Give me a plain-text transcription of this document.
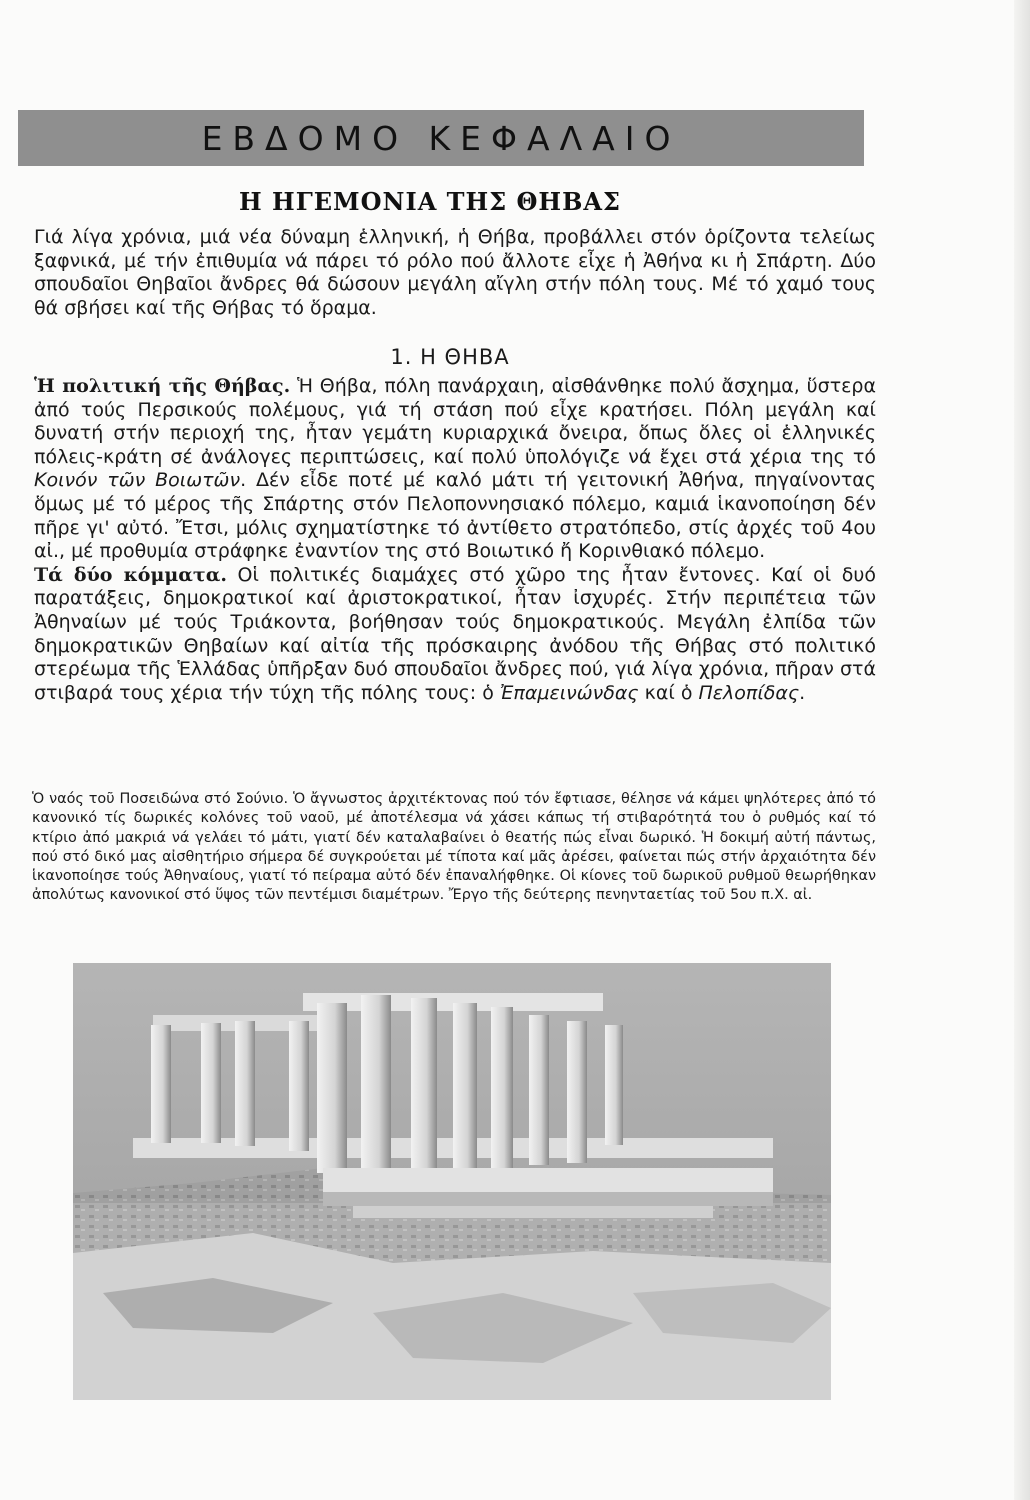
ΕΒΔΟΜΟ ΚΕΦΑΛΑΙΟ
Η ΗΓΕΜΟΝΙΑ ΤΗΣ ΘΗΒΑΣ

Γιά λίγα χρόνια, μιά νέα δύναμη ἑλληνική, ἡ Θήβα, προβάλλει στόν ὁρίζοντα τελείως ξαφνικά, μέ τήν ἐπιθυμία νά πάρει τό ρόλο πού ἄλλοτε εἶχε ἡ Ἀθήνα κι ἡ Σπάρτη. Δύο σπουδαῖοι Θηβαῖοι ἄνδρες θά δώσουν μεγάλη αἴγλη στήν πόλη τους. Μέ τό χαμό τους θά σβήσει καί τῆς Θήβας τό ὅραμα.

1. Η ΘΗΒΑ

Ἡ πολιτική τῆς Θήβας. Ἡ Θήβα, πόλη πανάρχαιη, αἰσθάνθηκε πολύ ἄσχημα, ὕστερα ἀπό τούς Περσικούς πολέμους, γιά τή στάση πού εἶχε κρατήσει. Πόλη μεγάλη καί δυνατή στήν περιοχή της, ἦταν γεμάτη κυριαρχικά ὄνειρα, ὅπως ὅλες οἱ ἑλληνικές πόλεις-κράτη σέ ἀνάλογες περιπτώσεις, καί πολύ ὑπολόγιζε νά ἔχει στά χέρια της τό Κοινόν τῶν Βοιωτῶν. Δέν εἶδε ποτέ μέ καλό μάτι τή γειτονική Ἀθήνα, πηγαίνοντας ὅμως μέ τό μέρος τῆς Σπάρτης στόν Πελοποννησιακό πόλεμο, καμιά ἱκανοποίηση δέν πῆρε γι' αὐτό. Ἔτσι, μόλις σχηματίστηκε τό ἀντίθετο στρατόπεδο, στίς ἀρχές τοῦ 4ου αἰ., μέ προθυμία στράφηκε ἐναντίον της στό Βοιωτικό ἤ Κορινθιακό πόλεμο.

Τά δύο κόμματα. Οἱ πολιτικές διαμάχες στό χῶρο της ἦταν ἔντονες. Καί οἱ δυό παρατάξεις, δημοκρατικοί καί ἀριστοκρατικοί, ἦταν ἰσχυρές. Στήν περιπέτεια τῶν Ἀθηναίων μέ τούς Τριάκοντα, βοήθησαν τούς δημοκρατικούς. Μεγάλη ἐλπίδα τῶν δημοκρατικῶν Θηβαίων καί αἰτία τῆς πρόσκαιρης ἀνόδου τῆς Θήβας στό πολιτικό στερέωμα τῆς Ἑλλάδας ὑπῆρξαν δυό σπουδαῖοι ἄνδρες πού, γιά λίγα χρόνια, πῆραν στά στιβαρά τους χέρια τήν τύχη τῆς πόλης τους: ὁ Ἐπαμεινώνδας καί ὁ Πελοπίδας.

Ὁ ναός τοῦ Ποσειδώνα στό Σούνιο. Ὁ ἄγνωστος ἀρχιτέκτονας πού τόν ἔφτιασε, θέλησε νά κάμει ψηλότερες ἀπό τό κανονικό τίς δωρικές κολόνες τοῦ ναοῦ, μέ ἀποτέλεσμα νά χάσει κάπως τή στιβαρότητά του ὁ ρυθμός καί τό κτίριο ἀπό μακριά νά γελάει τό μάτι, γιατί δέν καταλαβαίνει ὁ θεατής πώς εἶναι δωρικό. Ἡ δοκιμή αὐτή πάντως, πού στό δικό μας αἰσθητήριο σήμερα δέ συγκρούεται μέ τίποτα καί μᾶς ἀρέσει, φαίνεται πώς στήν ἀρχαιότητα δέν ἱκανοποίησε τούς Ἀθηναίους, γιατί τό πείραμα αὐτό δέν ἐπαναλήφθηκε. Οἱ κίονες τοῦ δωρικοῦ ρυθμοῦ θεωρήθηκαν ἀπολύτως κανονικοί στό ὕψος τῶν πεντέμισι διαμέτρων. Ἔργο τῆς δεύτερης πενηνταετίας τοῦ 5ου π.Χ. αἰ.
